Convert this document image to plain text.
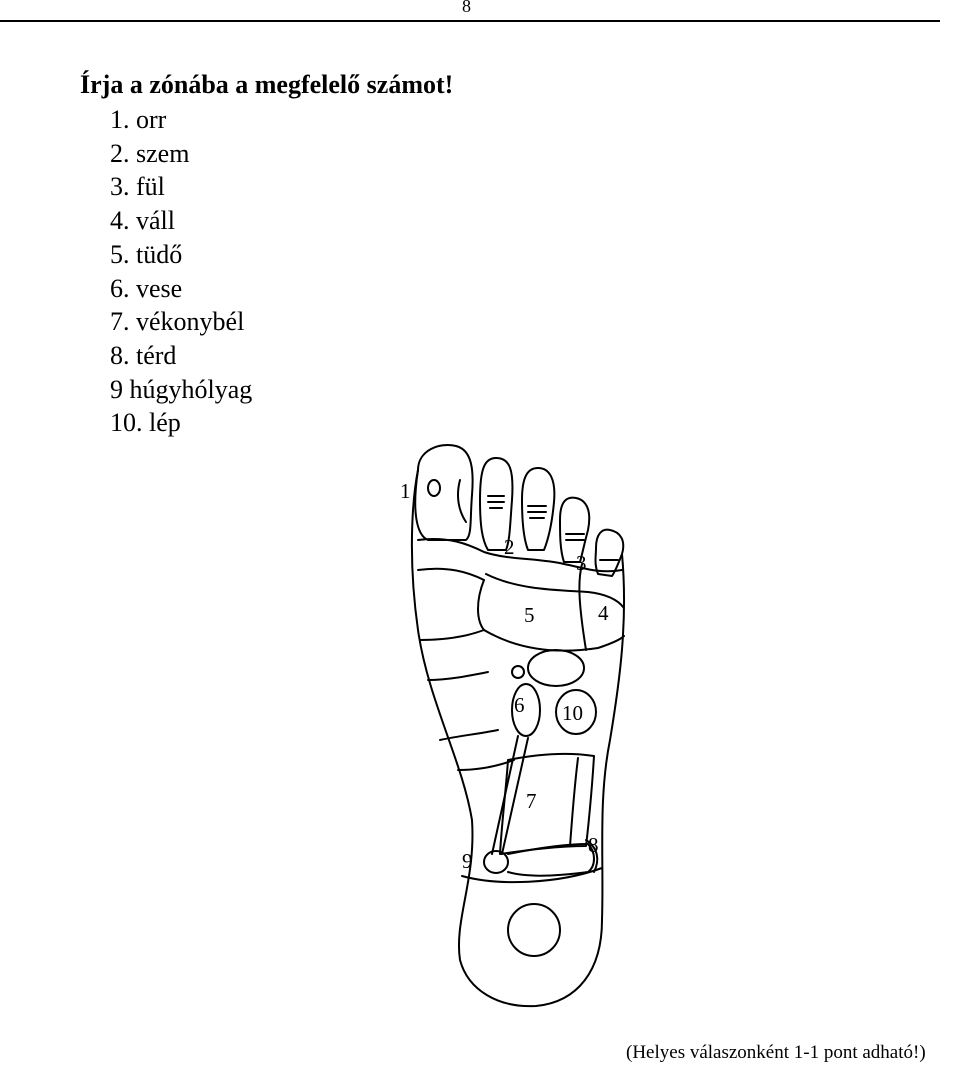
8
Írja a zónába a megfelelő számot!
1. orr
2. szem
3. fül
4. váll
5. tüdő
6. vese
7. vékonybél
8. térd
9 húgyhólyag
10. lép
1
2
3
4
5
6
7
8
9
10
(Helyes válaszonként 1-1 pont adható!)
